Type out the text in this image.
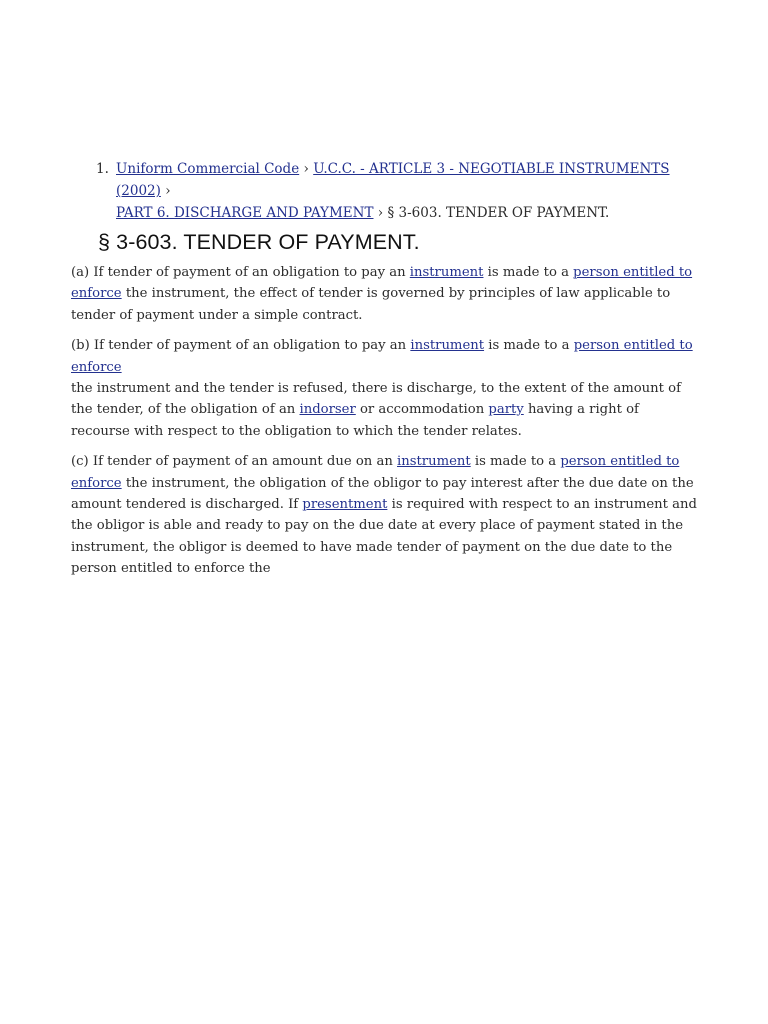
1. Uniform Commercial Code › U.C.C. - ARTICLE 3 - NEGOTIABLE INSTRUMENTS (2002) ›
PART 6. DISCHARGE AND PAYMENT › § 3-603. TENDER OF PAYMENT.
§ 3-603. TENDER OF PAYMENT.

(a) If tender of payment of an obligation to pay an instrument is made to a person entitled to enforce the instrument, the effect of tender is governed by principles of law applicable to tender of payment under a simple contract.

(b) If tender of payment of an obligation to pay an instrument is made to a person entitled to enforce
the instrument and the tender is refused, there is discharge, to the extent of the amount of the tender, of the obligation of an indorser or accommodation party having a right of recourse with respect to the obligation to which the tender relates.

(c) If tender of payment of an amount due on an instrument is made to a person entitled to enforce the instrument, the obligation of the obligor to pay interest after the due date on the amount tendered is discharged. If presentment is required with respect to an instrument and the obligor is able and ready to pay on the due date at every place of payment stated in the instrument, the obligor is deemed to have made tender of payment on the due date to the person entitled to enforce the
